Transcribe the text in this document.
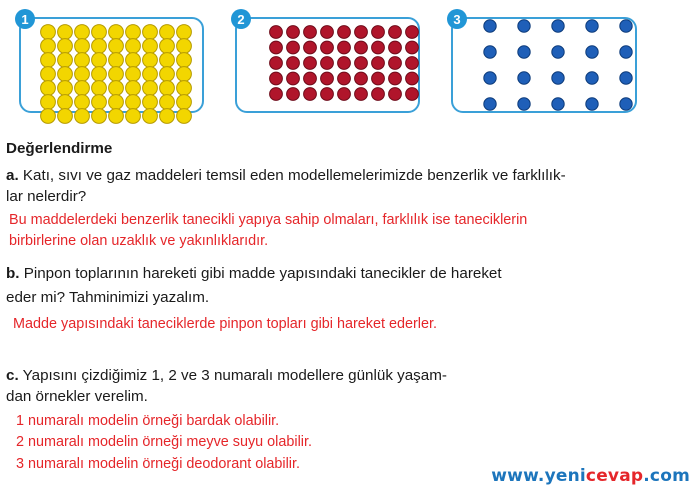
1	2	3
Değerlendirme
a. Katı, sıvı ve gaz maddeleri temsil eden modellemelerimizde benzerlik ve farklılık-
lar nelerdir?
Bu maddelerdeki benzerlik tanecikli yapıya sahip olmaları, farklılık ise taneciklerin
birbirlerine olan uzaklık ve yakınlıklarıdır.
b. Pinpon toplarının hareketi gibi madde yapısındaki tanecikler de hareket
eder mi? Tahminimizi yazalım.
Madde yapısındaki taneciklerde pinpon topları gibi hareket ederler.
c. Yapısını çizdiğimiz 1, 2 ve 3 numaralı modellere günlük yaşam-
dan örnekler verelim.
1 numaralı modelin örneği bardak olabilir.
2 numaralı modelin örneği meyve suyu olabilir.
3 numaralı modelin örneği deodorant olabilir.
www.yenicevap.com
